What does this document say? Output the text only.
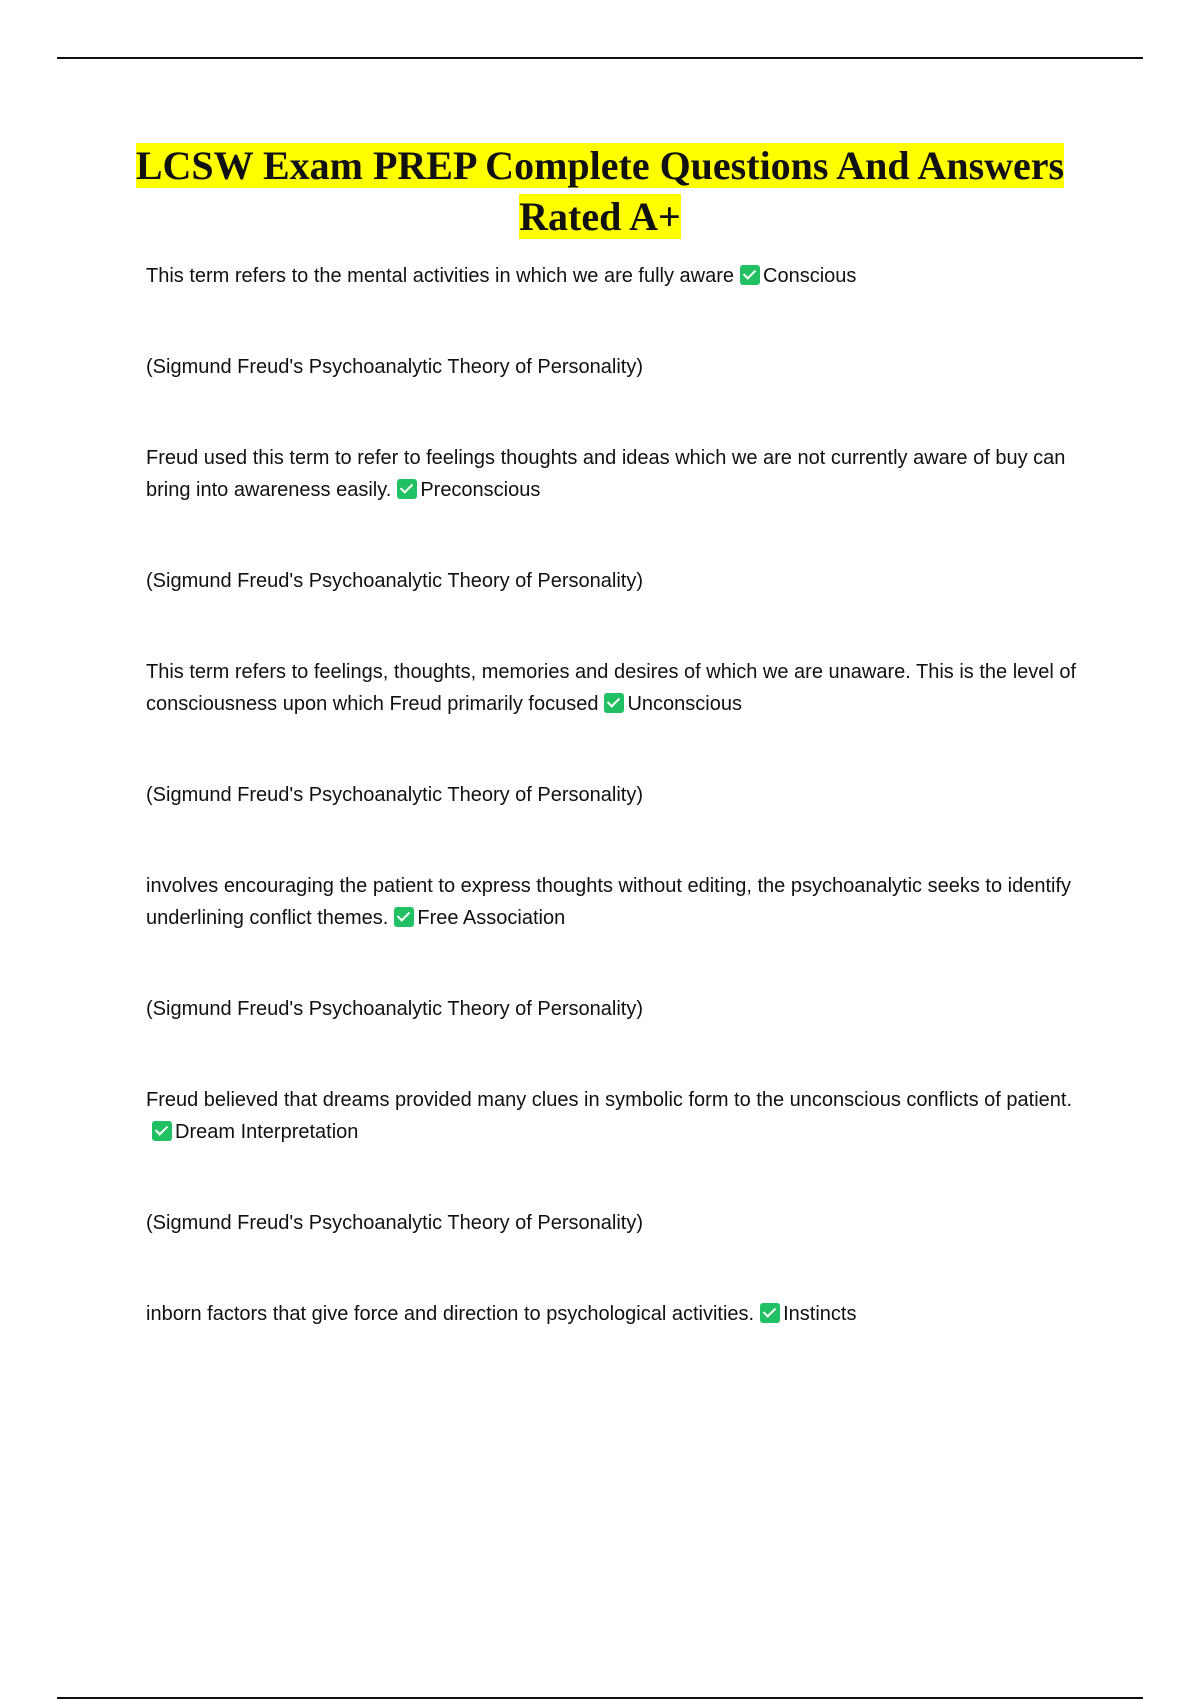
LCSW Exam PREP Complete Questions And Answers Rated A+

This term refers to the mental activities in which we are fully aware Conscious

(Sigmund Freud's Psychoanalytic Theory of Personality)

Freud used this term to refer to feelings thoughts and ideas which we are not currently aware of buy can bring into awareness easily. Preconscious

(Sigmund Freud's Psychoanalytic Theory of Personality)

This term refers to feelings, thoughts, memories and desires of which we are unaware. This is the level of consciousness upon which Freud primarily focused Unconscious

(Sigmund Freud's Psychoanalytic Theory of Personality)

involves encouraging the patient to express thoughts without editing, the psychoanalytic seeks to identify underlining conflict themes. Free Association

(Sigmund Freud's Psychoanalytic Theory of Personality)

Freud believed that dreams provided many clues in symbolic form to the unconscious conflicts of patient.Dream Interpretation

(Sigmund Freud's Psychoanalytic Theory of Personality)

inborn factors that give force and direction to psychological activities. Instincts
